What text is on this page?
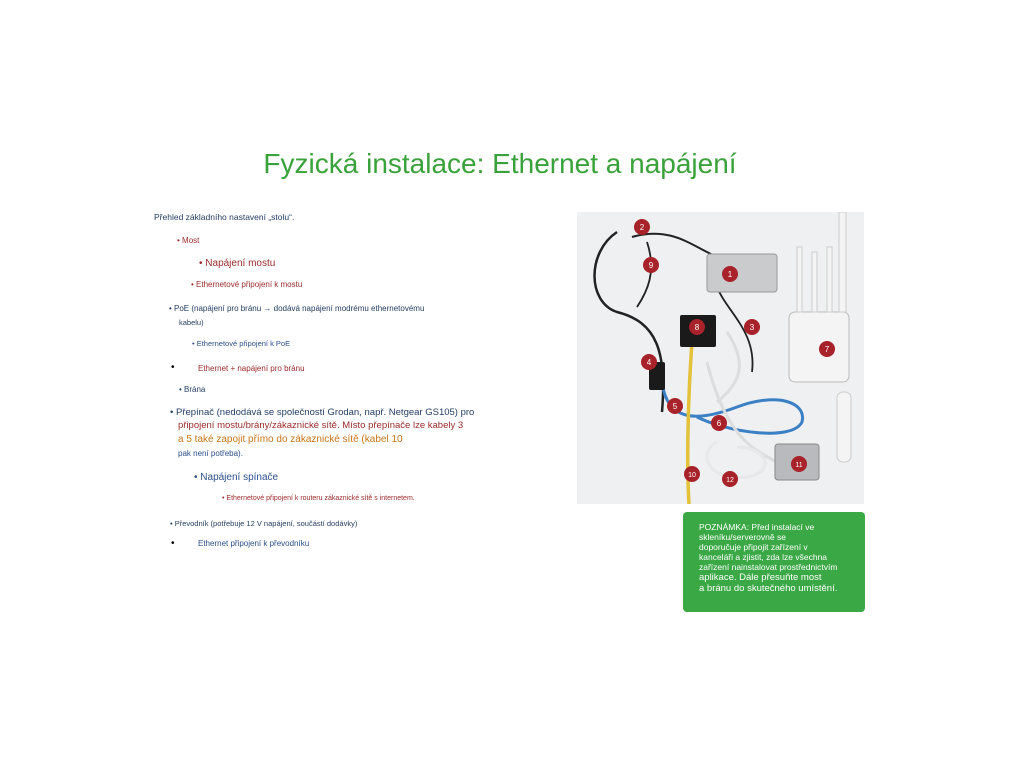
Fyzická instalace: Ethernet a napájení
Přehled základního nastavení „stolu“.
• Most
• Napájení mostu
• Ethernetové připojení k mostu
• PoE (napájení pro bránu → dodává napájení modrému ethernetovému
kabelu)
• Ethernetové připojení k PoE
•	Ethernet + napájení pro bránu
• Brána
• Přepínač (nedodává se společností Grodan, např. Netgear GS105) pro
připojení mostu/brány/zákaznické sítě. Místo přepínače lze kabely 3
a 5 také zapojit přímo do zákaznické sítě (kabel 10
pak není potřeba).
• Napájení spínače
• Ethernetové připojení k routeru zákaznické sítě s internetem.
• Převodník (potřebuje 12 V napájení, součástí dodávky)
•	Ethernet připojení k převodníku
1
2
3
4
5
6
7
8
9
10
11
12
POZNÁMKA: Před instalací ve
skleníku/serverovně se
doporučuje připojit zařízení v
kanceláři a zjistit, zda lze všechna
zařízení nainstalovat prostřednictvím
aplikace. Dále přesuňte most
a bránu do skutečného umístění.
